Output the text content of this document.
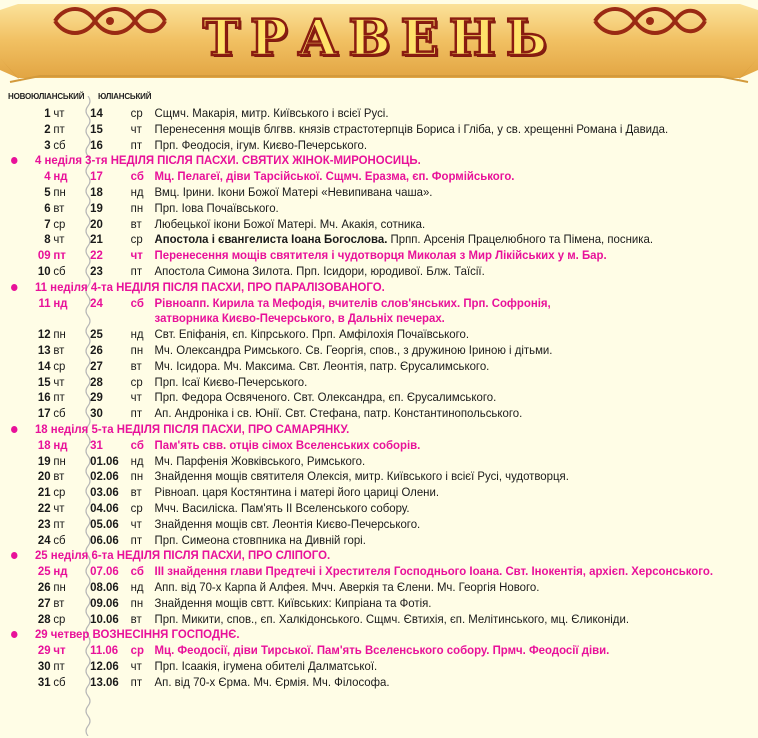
ТРАВЕНЬ
НОВОЮЛІАНСЬКИЙ ЮЛІАНСЬКИЙ
1 чт 14 ср Сщмч. Макарія, митр. Київського і всієї Русі.
2 пт 15 чт Перенесення мощів блгвв. князів страстотерпців Бориса і Гліба, у св. хрещенні Романа і Давида.
3 сб 16 пт Прп. Феодосія, ігум. Києво-Печерського.
4 неділя 3-тя НЕДІЛЯ ПІСЛЯ ПАСХИ. СВЯТИХ ЖІНОК-МИРОНОСИЦЬ.
4 нд 17 сб Мц. Пелагеї, діви Тарсійської. Сщмч. Еразма, єп. Формійського.
5 пн 18 нд Вмц. Ірини. Ікони Божої Матері «Невипивана чаша».
6 вт 19 пн Прп. Іова Почаївського.
7 ср 20 вт Любецької ікони Божої Матері. Мч. Акакія, сотника.
8 чт 21 ср Апостола і євангелиста Іоана Богослова. Прпп. Арсенія Працелюбного та Пімена, посника.
09 пт 22 чт Перенесення мощів святителя і чудотворця Миколая з Мир Лікійських у м. Бар.
10 сб 23 пт Апостола Симона Зилота. Прп. Ісидори, юродивої. Блж. Таїсії.
11 неділя 4-та НЕДІЛЯ ПІСЛЯ ПАСХИ, ПРО ПАРАЛІЗОВАНОГО.
11 нд 24 сб Рівноапп. Кирила та Мефодія, вчителів слов'янських. Прп. Софронія,
затворника Києво-Печерського, в Дальніх печерах.
12 пн 25 нд Свт. Епіфанія, єп. Кіпрського. Прп. Амфілохія Почаївського.
13 вт 26 пн Мч. Олександра Римського. Св. Георгія, спов., з дружиною Іриною і дітьми.
14 ср 27 вт Мч. Ісидора. Мч. Максима. Свт. Леонтія, патр. Єрусалимського.
15 чт 28 ср Прп. Ісаї Києво-Печерського.
16 пт 29 чт Прп. Федора Освяченого. Свт. Олександра, єп. Єрусалимського.
17 сб 30 пт Ап. Андроніка і св. Юнії. Свт. Стефана, патр. Константинопольського.
18 неділя 5-та НЕДІЛЯ ПІСЛЯ ПАСХИ, ПРО САМАРЯНКУ.
18 нд 31 сб Пам'ять свв. отців сімох Вселенських соборів.
19 пн 01.06 нд Мч. Парфенія Жовківського, Римського.
20 вт 02.06 пн Знайдення мощів святителя Олексія, митр. Київського і всієї Русі, чудотворця.
21 ср 03.06 вт Рівноап. царя Костянтина і матері його цариці Олени.
22 чт 04.06 ср Мчч. Василіска. Пам'ять ІІ Вселенського собору.
23 пт 05.06 чт Знайдення мощів свт. Леонтія Києво-Печерського.
24 сб 06.06 пт Прп. Симеона стовпника на Дивній горі.
25 неділя 6-та НЕДІЛЯ ПІСЛЯ ПАСХИ, ПРО СЛІПОГО.
25 нд 07.06 сб ІІІ знайдення глави Предтечі і Хрестителя Господнього Іоана. Свт. Інокентія, архієп. Херсонського.
26 пн 08.06 нд Апп. від 70-х Карпа й Алфея. Мчч. Аверкія та Єлени. Мч. Георгія Нового.
27 вт 09.06 пн Знайдення мощів свтт. Київських: Кипріана та Фотія.
28 ср 10.06 вт Прп. Микити, спов., єп. Халкідонського. Сщмч. Євтихія, єп. Мелітинського, мц. Єликоніди.
29 четвер ВОЗНЕСІННЯ ГОСПОДНЄ.
29 чт 11.06 ср Мц. Феодосії, діви Тирської. Пам'ять Вселенського собору. Прмч. Феодосії діви.
30 пт 12.06 чт Прп. Ісаакія, ігумена обителі Далматської.
31 сб 13.06 пт Ап. від 70-х Єрма. Мч. Єрмія. Мч. Філософа.
